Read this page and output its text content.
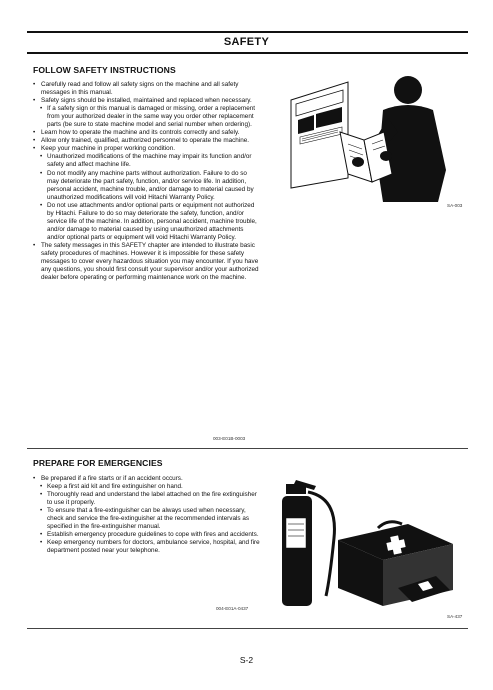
SAFETY
FOLLOW SAFETY INSTRUCTIONS
• Carefully read and follow all safety signs on the machine and all safety messages in this manual.
• Safety signs should be installed, maintained and replaced when necessary.
• If a safety sign or this manual is damaged or missing, order a replacement from your authorized dealer in the same way you order other replacement parts (be sure to state machine model and serial number when ordering).
• Learn how to operate the machine and its controls correctly and safely.
• Allow only trained, qualified, authorized personnel to operate the machine.
• Keep your machine in proper working condition.
• Unauthorized modifications of the machine may impair its function and/or safety and affect machine life.
• Do not modify any machine parts without authorization. Failure to do so may deteriorate the part safety, function, and/or service life. In addition, personal accident, machine trouble, and/or damage to material caused by unauthorized modifications will void Hitachi Warranty Policy.
• Do not use attachments and/or optional parts or equipment not authorized by Hitachi. Failure to do so may deteriorate the safety, function, and/or service life of the machine. In addition, personal accident, machine trouble, and/or damage to material caused by using unauthorized attachments and/or optional parts or equipment will void Hitachi Warranty Policy.
• The safety messages in this SAFETY chapter are intended to illustrate basic safety procedures of machines. However it is impossible for these safety messages to cover every hazardous situation you may encounter. If you have any questions, you should first consult your supervisor and/or your authorized dealer before operating or performing maintenance work on the machine.
003-E01B-0003
SA-003
PREPARE FOR EMERGENCIES
• Be prepared if a fire starts or if an accident occurs.
• Keep a first aid kit and fire extinguisher on hand.
• Thoroughly read and understand the label attached on the fire extinguisher to use it properly.
• To ensure that a fire-extinguisher can be always used when necessary, check and service the fire-extinguisher at the recommended intervals as specified in the fire-extinguisher manual.
• Establish emergency procedure guidelines to cope with fires and accidents.
• Keep emergency numbers for doctors, ambulance service, hospital, and fire department posted near your telephone.
004-E01A-0437
SA-437
S-2
